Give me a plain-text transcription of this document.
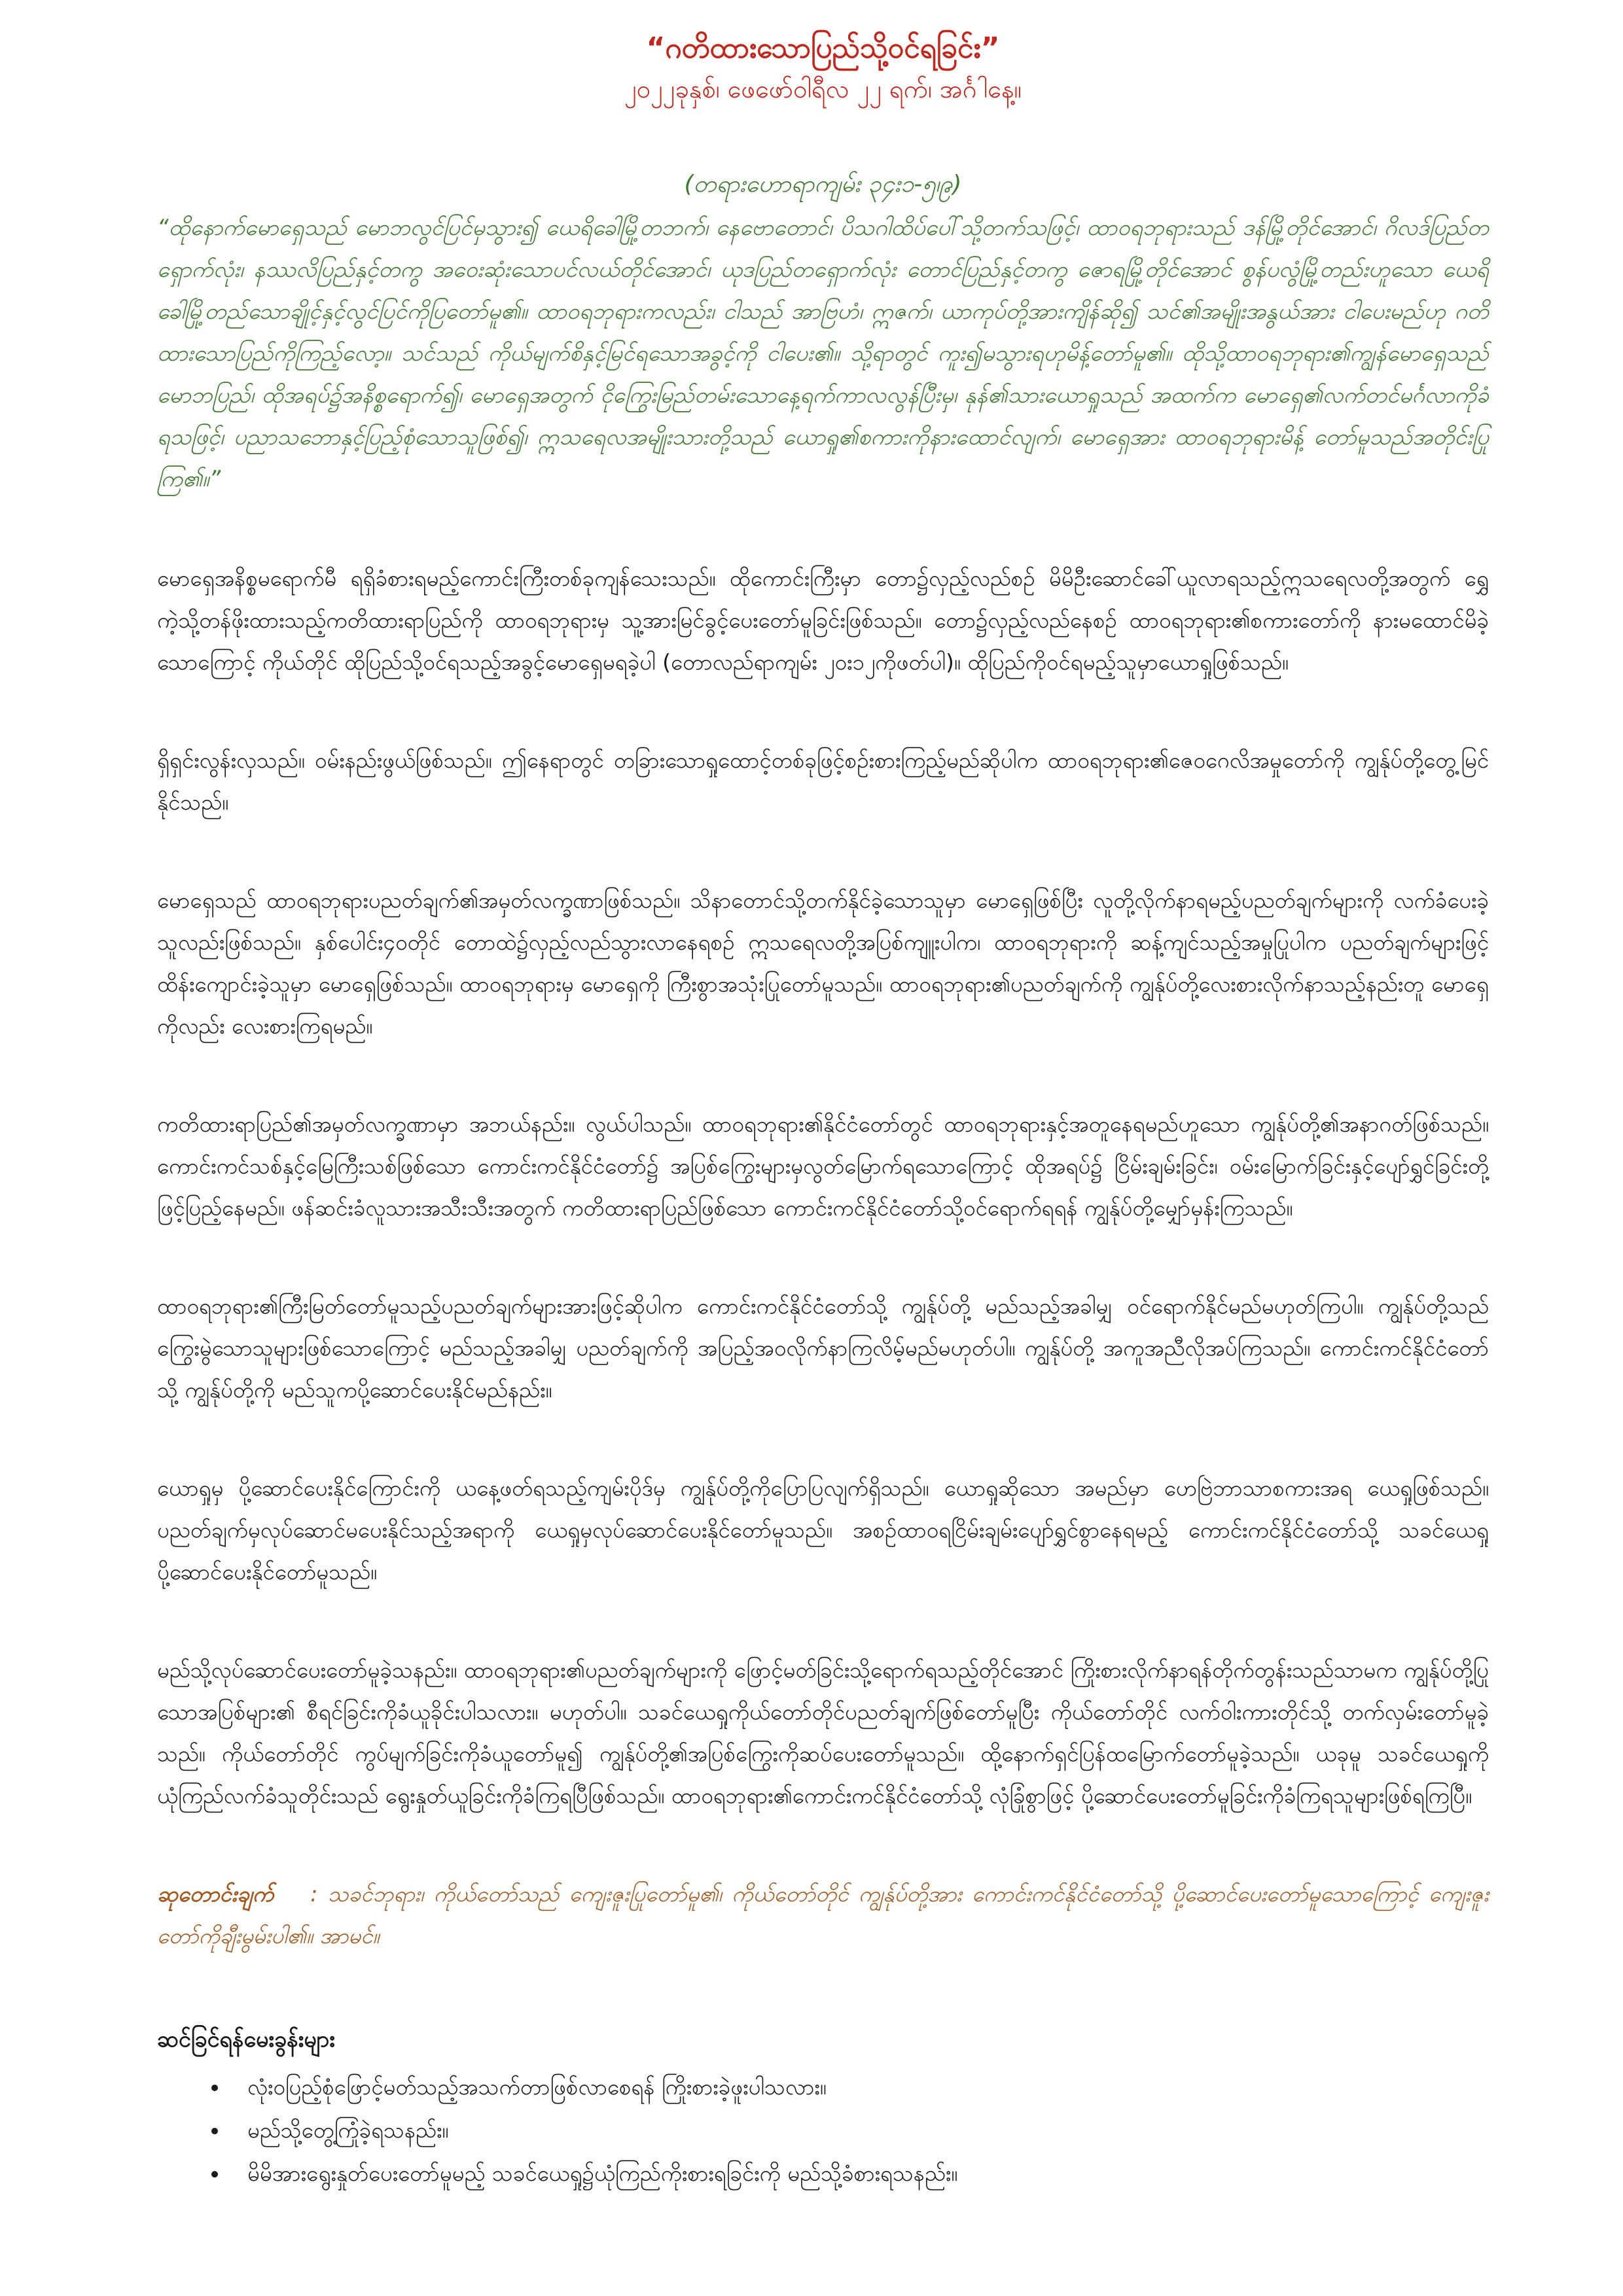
“ဂတိထားသောပြည်သို့ဝင်ရခြင်း”

၂၀၂၂ခုနှစ်၊ ဖေဖော်ဝါရီလ ၂၂ ရက်၊ အင်္ဂါနေ့။

(တရားဟောရာကျမ်း ၃၄း၁-၅၊၉)

“ထိုနောက်မောရှေသည် မောဘလွင်ပြင်မှသွား၍ ယေရိခေါမြို့တဘက်၊ နေဗောတောင်၊ ပိသဂါထိပ်ပေါ်သို့တက်သဖြင့်၊ ထာဝရဘုရားသည် ဒန်မြို့တိုင်အောင်၊ ဂိလဒ်ပြည်တရှောက်လုံး၊ နဿလိပြည်နှင့်တကွ အဝေးဆုံးသောပင်လယ်တိုင်အောင်၊ ယုဒပြည်တရှောက်လုံး တောင်ပြည်နှင့်တကွ ဇောရမြို့တိုင်အောင် စွန်ပလွံမြို့တည်းဟူသော ယေရိခေါမြို့တည်သောချိုင့်နှင့်လွင်ပြင်ကိုပြတော်မူ၏။ ထာဝရဘုရားကလည်း၊ ငါသည် အာဗြဟံ၊ ဣဇက်၊ ယာကုပ်တို့အားကျိန်ဆို၍ သင်၏အမျိုးအနွယ်အား ငါပေးမည်ဟု ဂတိထားသောပြည်ကိုကြည့်လော့။ သင်သည် ကိုယ်မျက်စိနှင့်မြင်ရသောအခွင့်ကို ငါပေး၏။ သို့ရာတွင် ကူး၍မသွားရဟုမိန့်တော်မူ၏။ ထိုသို့ထာဝရဘုရား၏ကျွန်မောရှေသည် မောဘပြည်၊ ထိုအရပ်၌အနိစ္စရောက်၍၊ မောရှေအတွက် ငိုကြွေးမြည်တမ်းသောနေ့ရက်ကာလလွန်ပြီးမှ၊ နုန်၏သားယောရှုသည် အထက်က မောရှေ၏လက်တင်မင်္ဂလာကိုခံရသဖြင့်၊ ပညာသဘောနှင့်ပြည့်စုံသောသူဖြစ်၍၊ ဣသရေလအမျိုးသားတို့သည် ယောရှု၏စကားကိုနားထောင်လျက်၊ မောရှေအား ထာဝရဘုရားမိန့် တော်မူသည်အတိုင်းပြုကြ၏။”

မောရှေအနိစ္စမရောက်မီ ရရှိခံစားရမည့်ကောင်းကြီးတစ်ခုကျန်သေးသည်။ ထိုကောင်းကြီးမှာ တော၌လှည့်လည်စဉ် မိမိဦးဆောင်ခေါ်ယူလာရသည့်ဣသရေလတို့အတွက် ရွှေကဲ့သို့တန်ဖိုးထားသည့်ကတိထားရာပြည်ကို ထာဝရဘုရားမှ သူ့အားမြင်ခွင့်ပေးတော်မူခြင်းဖြစ်သည်။ တော၌လှည့်လည်နေစဉ် ထာဝရဘုရား၏စကားတော်ကို နားမထောင်မိခဲ့သောကြောင့် ကိုယ်တိုင် ထိုပြည်သို့ဝင်ရသည့်အခွင့်မောရှေမရခဲ့ပါ (တောလည်ရာကျမ်း ၂၀း၁၂ကိုဖတ်ပါ)။ ထိုပြည်ကိုဝင်ရမည့်သူမှာယောရှုဖြစ်သည်။

ရှိရှင်းလွန်းလှသည်။ ဝမ်းနည်းဖွယ်ဖြစ်သည်။ ဤနေရာတွင် တခြားသောရှုထောင့်တစ်ခုဖြင့်စဉ်းစားကြည့်မည်ဆိုပါက ထာဝရဘုရား၏ဇေဝဂေလိအမှုတော်ကို ကျွန်ုပ်တို့တွေ့မြင်နိုင်သည်။

မောရှေသည် ထာဝရဘုရားပညတ်ချက်၏အမှတ်လက္ခဏာဖြစ်သည်။ သိနာတောင်သို့တက်နိုင်ခဲ့သောသူမှာ မောရှေဖြစ်ပြီး လူတို့လိုက်နာရမည့်ပညတ်ချက်များကို လက်ခံပေးခဲ့သူလည်းဖြစ်သည်။ နှစ်ပေါင်း၄၀တိုင် တောထဲ၌လှည့်လည်သွားလာနေရစဉ် ဣသရေလတို့အပြစ်ကျူးပါက၊ ထာဝရဘုရားကို ဆန့်ကျင်သည့်အမှုပြုပါက ပညတ်ချက်များဖြင့် ထိန်းကျောင်းခဲ့သူမှာ မောရှေဖြစ်သည်။ ထာဝရဘုရားမှ မောရှေကို ကြီးစွာအသုံးပြုတော်မူသည်။ ထာဝရဘုရား၏ပညတ်ချက်ကို ကျွန်ုပ်တို့လေးစားလိုက်နာသည့်နည်းတူ မောရှေကိုလည်း လေးစားကြရမည်။

ကတိထားရာပြည်၏အမှတ်လက္ခဏာမှာ အဘယ်နည်း။ လွယ်ပါသည်။ ထာဝရဘုရား၏နိုင်ငံတော်တွင် ထာဝရဘုရားနှင့်အတူနေရမည်ဟူသော ကျွန်ုပ်တို့၏အနာဂတ်ဖြစ်သည်။ ကောင်းကင်သစ်နှင့်မြေကြီးသစ်ဖြစ်သော ကောင်းကင်နိုင်ငံတော်၌ အပြစ်ကြွေးများမှလွတ်မြောက်ရသောကြောင့် ထိုအရပ်၌ ငြိမ်းချမ်းခြင်း၊ ဝမ်းမြောက်ခြင်းနှင့်ပျော်ရွှင်ခြင်းတို့ဖြင့်ပြည့်နေမည်။ ဖန်ဆင်းခံလူသားအသီးသီးအတွက် ကတိထားရာပြည်ဖြစ်သော ကောင်းကင်နိုင်ငံတော်သို့ဝင်ရောက်ရရန် ကျွန်ုပ်တို့မျှော်မှန်းကြသည်။

ထာဝရဘုရား၏ကြီးမြတ်တော်မူသည့်ပညတ်ချက်များအားဖြင့်ဆိုပါက ကောင်းကင်နိုင်ငံတော်သို့ ကျွန်ုပ်တို့ မည်သည့်အခါမျှ ဝင်ရောက်နိုင်မည်မဟုတ်ကြပါ။ ကျွန်ုပ်တို့သည် ကြွေးမွဲသောသူများဖြစ်သောကြောင့် မည်သည့်အခါမျှ ပညတ်ချက်ကို အပြည့်အဝလိုက်နာကြလိမ့်မည်မဟုတ်ပါ။ ကျွန်ုပ်တို့ အကူအညီလိုအပ်ကြသည်။ ကောင်းကင်နိုင်ငံတော်သို့ ကျွန်ုပ်တို့ကို မည်သူကပို့ဆောင်ပေးနိုင်မည်နည်း။

ယောရှုမှ ပို့ဆောင်ပေးနိုင်ကြောင်းကို ယနေ့ဖတ်ရသည့်ကျမ်းပိုဒ်မှ ကျွန်ုပ်တို့ကိုပြောပြလျက်ရှိသည်။ ယောရှုဆိုသော အမည်မှာ ဟေဗြဲဘာသာစကားအရ ယေရှုဖြစ်သည်။ ပညတ်ချက်မှလုပ်ဆောင်မပေးနိုင်သည့်အရာကို ယေရှုမှလုပ်ဆောင်ပေးနိုင်တော်မူသည်။ အစဉ်ထာဝရငြိမ်းချမ်းပျော်ရွှင်စွာနေရမည့် ကောင်းကင်နိုင်ငံတော်သို့ သခင်ယေရှု ပို့ဆောင်ပေးနိုင်တော်မူသည်။

မည်သို့လုပ်ဆောင်ပေးတော်မူခဲ့သနည်း။ ထာဝရဘုရား၏ပညတ်ချက်များကို ဖြောင့်မတ်ခြင်းသို့ရောက်ရသည့်တိုင်အောင် ကြိုးစားလိုက်နာရန်တိုက်တွန်းသည်သာမက ကျွန်ုပ်တို့ပြုသောအပြစ်များ၏ စီရင်ခြင်းကိုခံယူခိုင်းပါသလား။ မဟုတ်ပါ။ သခင်ယေရှုကိုယ်တော်တိုင်ပညတ်ချက်ဖြစ်တော်မူပြီး ကိုယ်တော်တိုင် လက်ဝါးကားတိုင်သို့ တက်လှမ်းတော်မူခဲ့သည်။ ကိုယ်တော်တိုင် ကွပ်မျက်ခြင်းကိုခံယူတော်မူ၍ ကျွန်ုပ်တို့၏အပြစ်ကြွေးကိုဆပ်ပေးတော်မူသည်။ ထို့နောက်ရှင်ပြန်ထမြောက်တော်မူခဲ့သည်။ ယခုမူ သခင်ယေရှုကိုယုံကြည်လက်ခံသူတိုင်းသည် ရွေးနှုတ်ယူခြင်းကိုခံကြရပြီဖြစ်သည်။ ထာဝရဘုရား၏ကောင်းကင်နိုင်ငံတော်သို့ လုံခြုံစွာဖြင့် ပို့ဆောင်ပေးတော်မူခြင်းကိုခံကြရသူများဖြစ်ရကြပြီ။

ဆုတောင်းချက် : သခင်ဘုရား၊ ကိုယ်တော်သည် ကျေးဇူးပြုတော်မူ၏၊ ကိုယ်တော်တိုင် ကျွန်ုပ်တို့အား ကောင်းကင်နိုင်ငံတော်သို့ ပို့ဆောင်ပေးတော်မူသောကြောင့် ကျေးဇူးတော်ကိုချီးမွမ်းပါ၏။ အာမင်။

ဆင်ခြင်ရန်မေးခွန်းများ
• လုံးဝပြည့်စုံဖြောင့်မတ်သည့်အသက်တာဖြစ်လာစေရန် ကြိုးစားခဲ့ဖူးပါသလား။
• မည်သို့တွေ့ကြုံခဲ့ရသနည်း။
• မိမိအားရွေးနှုတ်ပေးတော်မူမည့် သခင်ယေရှု၌ယုံကြည်ကိုးစားရခြင်းကို မည်သို့ခံစားရသနည်း။
